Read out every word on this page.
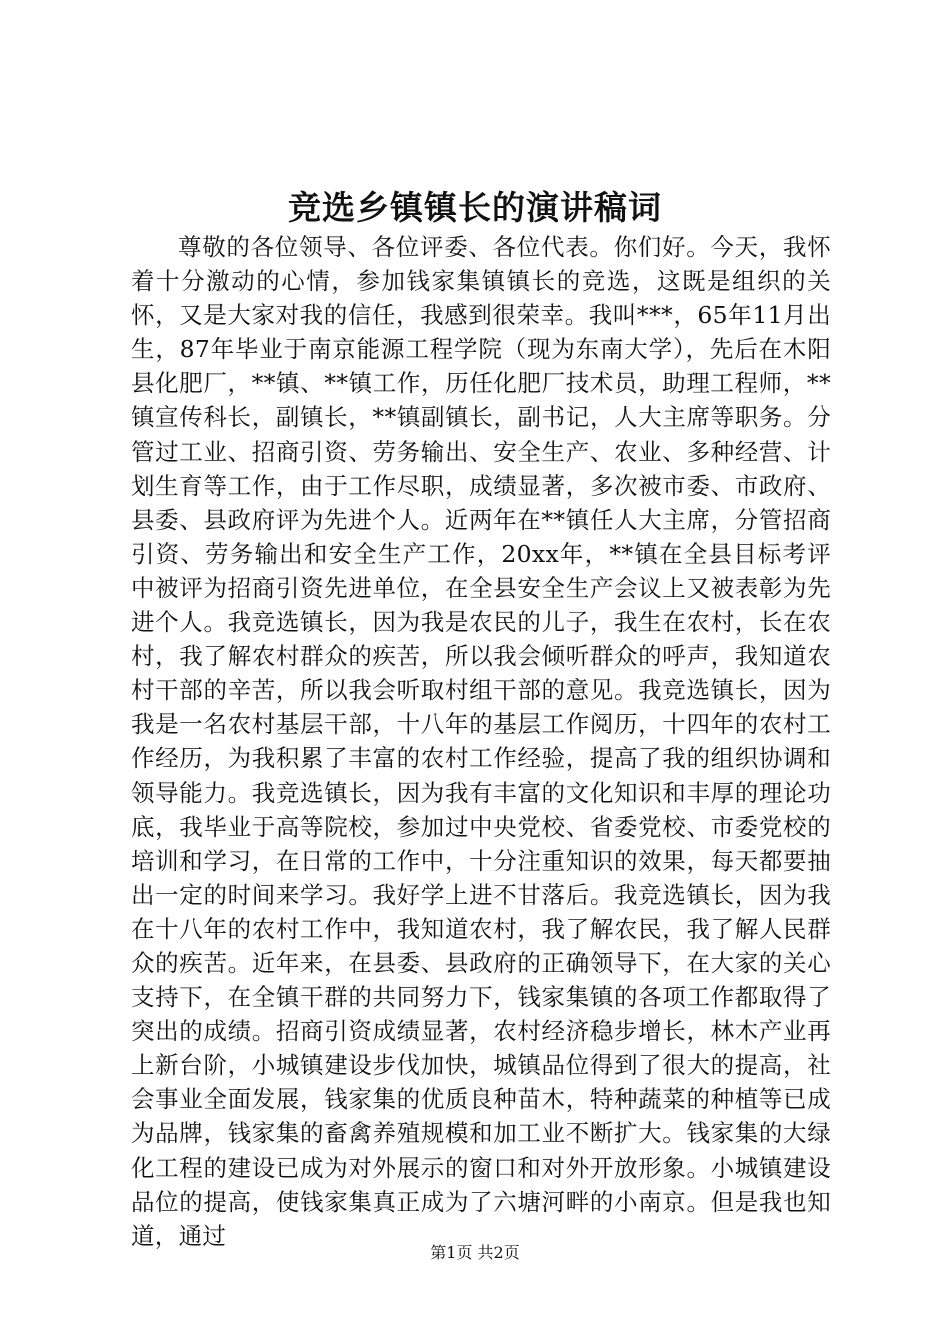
竞选乡镇镇长的演讲稿词

尊敬的各位领导、各位评委、各位代表。你们好。今天，我怀着十分激动的心情，参加钱家集镇镇长的竞选，这既是组织的关怀，又是大家对我的信任，我感到很荣幸。我叫***，65年11月出生，87年毕业于南京能源工程学院（现为东南大学），先后在木阳县化肥厂，**镇、**镇工作，历任化肥厂技术员，助理工程师，**镇宣传科长，副镇长，**镇副镇长，副书记，人大主席等职务。分管过工业、招商引资、劳务输出、安全生产、农业、多种经营、计划生育等工作，由于工作尽职，成绩显著，多次被市委、市政府、县委、县政府评为先进个人。近两年在**镇任人大主席，分管招商引资、劳务输出和安全生产工作，20xx年，**镇在全县目标考评中被评为招商引资先进单位，在全县安全生产会议上又被表彰为先进个人。我竞选镇长，因为我是农民的儿子，我生在农村，长在农村，我了解农村群众的疾苦，所以我会倾听群众的呼声，我知道农村干部的辛苦，所以我会听取村组干部的意见。我竞选镇长，因为我是一名农村基层干部，十八年的基层工作阅历，十四年的农村工作经历，为我积累了丰富的农村工作经验，提高了我的组织协调和领导能力。我竞选镇长，因为我有丰富的文化知识和丰厚的理论功底，我毕业于高等院校，参加过中央党校、省委党校、市委党校的培训和学习，在日常的工作中，十分注重知识的效果，每天都要抽出一定的时间来学习。我好学上进不甘落后。我竞选镇长，因为我在十八年的农村工作中，我知道农村，我了解农民，我了解人民群众的疾苦。近年来，在县委、县政府的正确领导下，在大家的关心支持下，在全镇干群的共同努力下，钱家集镇的各项工作都取得了突出的成绩。招商引资成绩显著，农村经济稳步增长，林木产业再上新台阶，小城镇建设步伐加快，城镇品位得到了很大的提高，社会事业全面发展，钱家集的优质良种苗木，特种蔬菜的种植等已成为品牌，钱家集的畜禽养殖规模和加工业不断扩大。钱家集的大绿化工程的建设已成为对外展示的窗口和对外开放形象。小城镇建设品位的提高，使钱家集真正成为了六塘河畔的小南京。但是我也知道，通过

第1页 共2页
